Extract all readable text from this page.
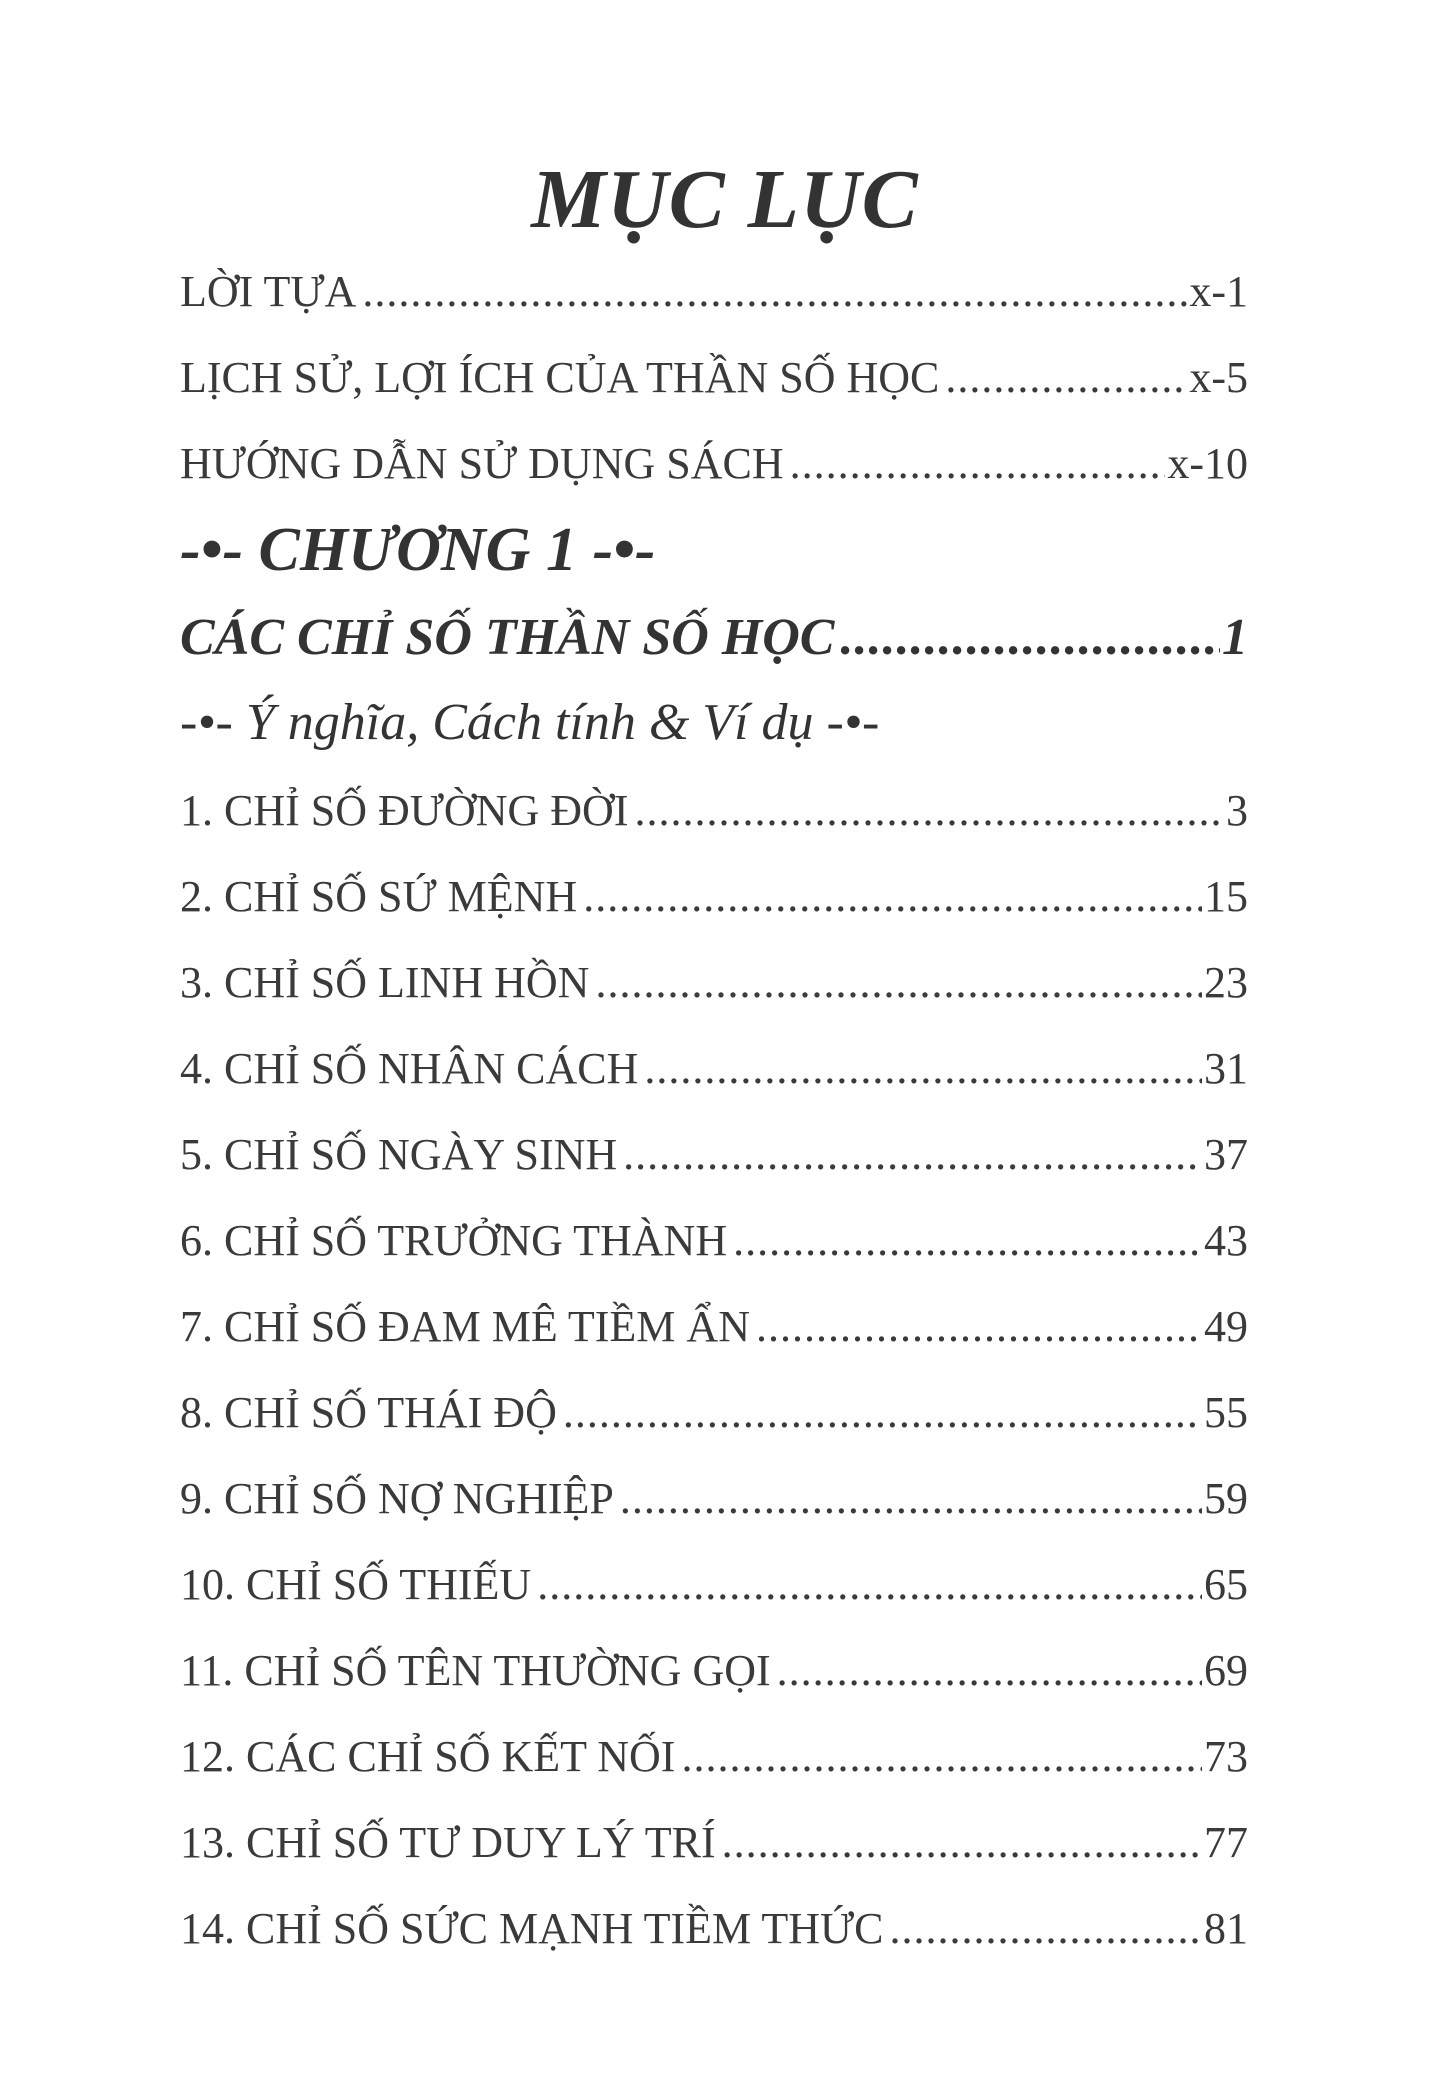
MỤC LỤC
LỜI TỰA .....	x-1
LỊCH SỬ, LỢI ÍCH CỦA THẦN SỐ HỌC .....	x-5
HƯỚNG DẪN SỬ DỤNG SÁCH .....	x-10
-•- CHƯƠNG 1 -•-
CÁC CHỈ SỐ THẦN SỐ HỌC .....	1
-•- Ý nghĩa, Cách tính & Ví dụ -•-
1. CHỈ SỐ ĐƯỜNG ĐỜI .....	3
2. CHỈ SỐ SỨ MỆNH .....	15
3. CHỈ SỐ LINH HỒN .....	23
4. CHỈ SỐ NHÂN CÁCH .....	31
5. CHỈ SỐ NGÀY SINH .....	37
6. CHỈ SỐ TRƯỞNG THÀNH .....	43
7. CHỈ SỐ ĐAM MÊ TIỀM ẨN .....	49
8. CHỈ SỐ THÁI ĐỘ .....	55
9. CHỈ SỐ NỢ NGHIỆP .....	59
10. CHỈ SỐ THIẾU .....	65
11. CHỈ SỐ TÊN THƯỜNG GỌI .....	69
12. CÁC CHỈ SỐ KẾT NỐI .....	73
13. CHỈ SỐ TƯ DUY LÝ TRÍ .....	77
14. CHỈ SỐ SỨC MẠNH TIỀM THỨC .....	81
